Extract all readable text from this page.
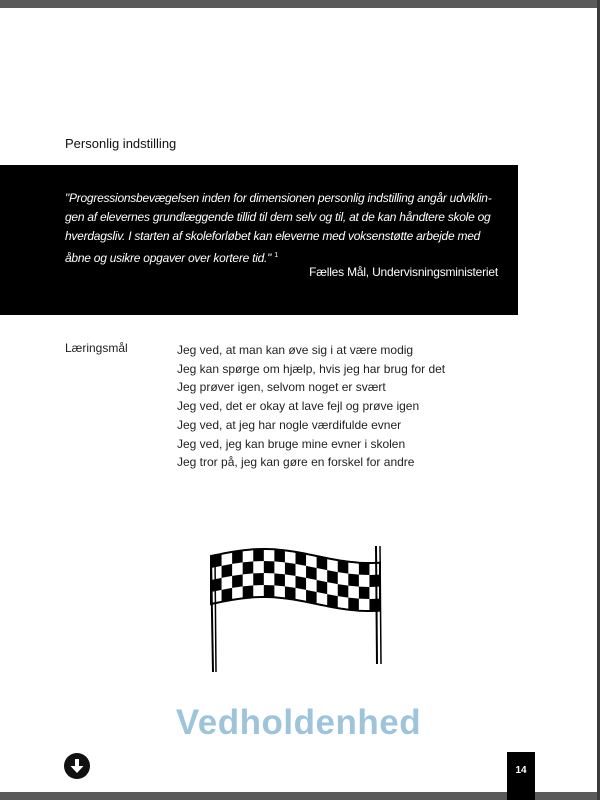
Personlig indstilling
"Progressionsbevægelsen inden for dimensionen personlig indstilling angår udviklingen af elevernes grundlæggende tillid til dem selv og til, at de kan håndtere skole og hverdagsliv. I starten af skoleforløbet kan eleverne med voksenstøtte arbejde med åbne og usikre opgaver over kortere tid." $^1$
Fælles Mål, Undervisningsministeriet
Læringsmål	Jeg ved, at man kan øve sig i at være modig
Jeg kan spørge om hjælp, hvis jeg har brug for det
Jeg prøver igen, selvom noget er svært
Jeg ved, det er okay at lave fejl og prøve igen
Jeg ved, at jeg har nogle værdifulde evner
Jeg ved, jeg kan bruge mine evner i skolen
Jeg tror på, jeg kan gøre en forskel for andre
Vedholdenhed
14
